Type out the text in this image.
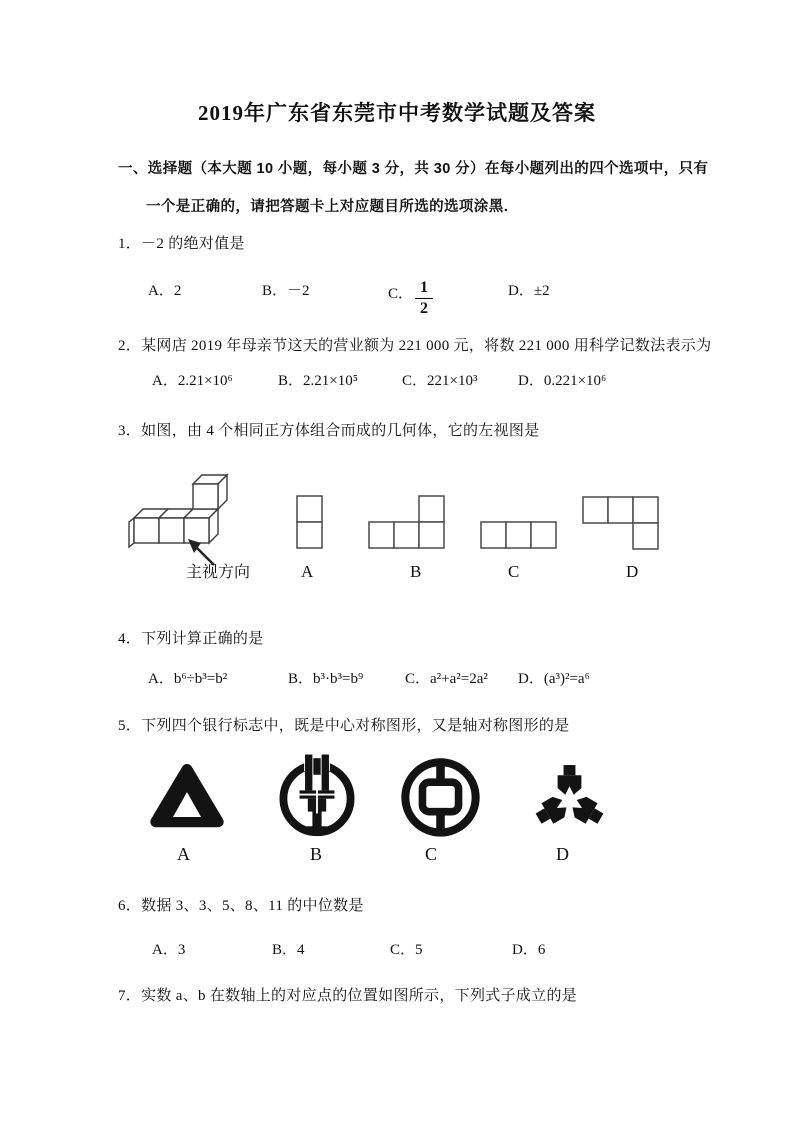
2019年广东省东莞市中考数学试题及答案
一、选择题（本大题 10 小题，每小题 3 分，共 30 分）在每小题列出的四个选项中，只有
一个是正确的，请把答题卡上对应题目所选的选项涂黑．
1．－2 的绝对值是
A．2	B．－2	C． $\frac{1}{2}$	D．±2
2．某网店 2019 年母亲节这天的营业额为 221 000 元，将数 221 000 用科学记数法表示为
A．2.21×10⁶	B．2.21×10⁵	C．221×10³	D．0.221×10⁶
3．如图，由 4 个相同正方体组合而成的几何体，它的左视图是
主视方向	A	B	C	D
4．下列计算正确的是
A．b⁶÷b³=b²	B．b³·b³=b⁹	C．a²+a²=2a² D．(a³)²=a⁶
5．下列四个银行标志中，既是中心对称图形，又是轴对称图形的是
A	B	C	D
6．数据 3、3、5、8、11 的中位数是
A．3	B．4	C．5	D．6
7．实数 a、b 在数轴上的对应点的位置如图所示，下列式子成立的是
